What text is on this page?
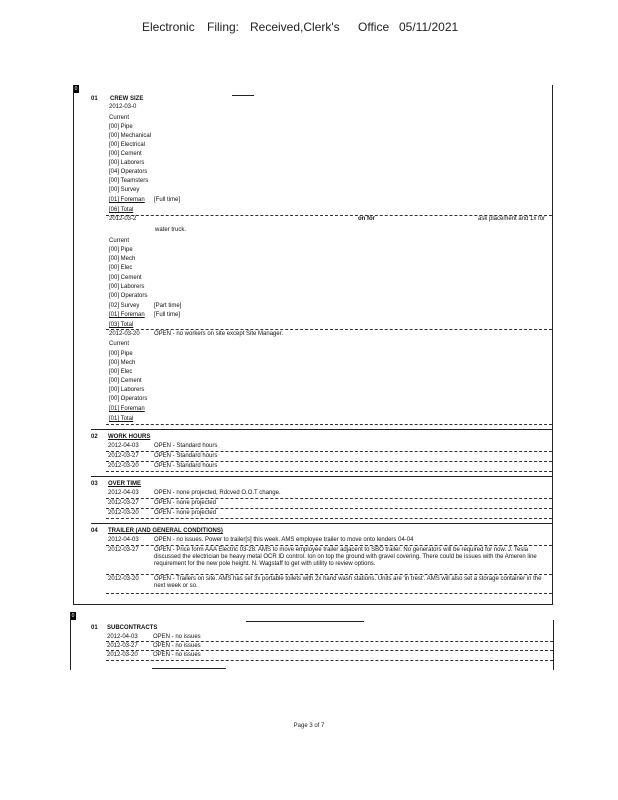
Electronic

Filing:

Received,Clerk's

Office

05/11/2021

0
01 CREW SIZE
2012-03-0
Current
[00] Pipe
[00] Mechanical
[00] Electrical
[00] Cement
[00] Laborers
[04] Operators
[00] Teamsters
[00] Survey
[01] Foreman [Full time]
[06] Total
2012-03-2	on for	ask placement and 1x for
water truck.
Current
[00] Pipe
[00] Mech
[00] Elec
[00] Cement
[00] Laborers
[00] Operators
[02] Survey [Part time]
[01] Foreman [Full time]
[03] Total
2012-03-20 OPEN - no workers on site except Site Manager.
Current
[00] Pipe
[00] Mech
[00] Elec
[00] Cement
[00] Laborers
[00] Operators
[01] Foreman
[01] Total
02 WORK HOURS
2012-04-03	OPEN - Standard hours
2012-03-27	OPEN - Standard hours
2012-03-20	OPEN - Standard hours
03 OVER TIME
2012-04-03	OPEN - none projected, Rdcved O.O.T change.
2012-03-27	OPEN - none projected
2012-03-20	OPEN - none projected
04 TRAILER (AND GENERAL CONDITIONS)
2012-04-03	OPEN - no issues. Power to trailer[s] this week. AMS employee trailer to move onto lenders 04-04
2012-03-27	OPEN - Price form AAA Electric 03-28. AMS to move employee trailer adjacent to SBO trailer. No generators will be required for now. J. Tesla discussed the electrician be heavy metal OCR ID control. Ion on top the ground with gravel covering. There could be issues with the Ameren line requirement for the new pole height. N. Wagstaff to get with utility to review options.
2012-03-20	OPEN - Trailers on site. AMS has set 3x portable toilets with 2x hand wash stations. Units are 'in trest'. AMS will also set a storage container in the next week or so.
0
01 SUBCONTRACTS
2012-04-03	OPEN - no issues
2012-03-27	OPEN - no issues
2012-03-20	OPEN - no issues
Page 3 of 7
